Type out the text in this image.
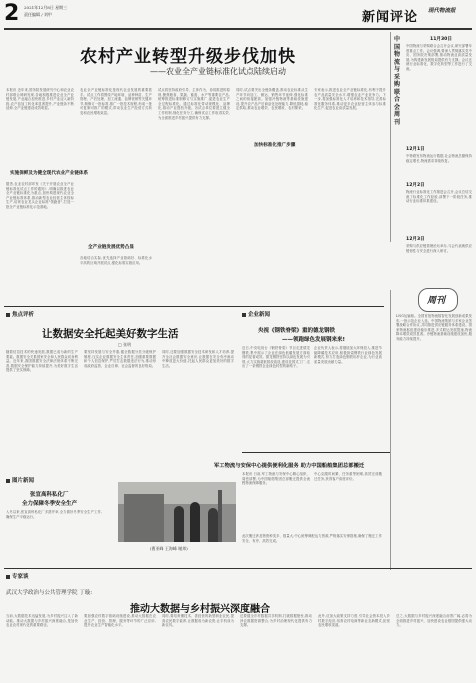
2 2021年12月8日 星期三
责任编辑 / 刘甲	新闻评论 现代物流报
农村产业转型升级步伐加快
——农业全产业链标准化试点陆续启动
本报讯 近年来,国务院发展研究中心和农业农村部联合调研发现,各地积极推进农业全产业链发展,产业融合加快推进,乡村产业迈入新阶段,农产品加工转化率显著提升,产业链条不断延伸,全产业链建设成效明显。
实施保鲜及为健全现代农业产业链体系
据悉,农业农村部印发《关于开展农业全产业链标准化试点工作的通知》,明确以推进农业全产业链标准化为重点,加快构建现代农业全产业链标准体系,推动新型农业经营主体按标生产,培育农业龙头企业标准"领跑者",打造一批全产业链标准化示范基地。
农业全产业链标准化是现代农业发展的重要抓手。试点工作将围绕产地环境、品种种苗、生产管理、产后处理、加工流通、品牌营销等关键环节,制修订一批标准,推广一批技术规程,形成一批可复制可推广的模式,带动农业生产经营方式转变和农民增收致富。
全产业链发展优势凸显
各地结合实际,优先选择产业基础好、标准化水平高的区域开展试点,强化标准实施应用。
试点将坚持政府引导、主体作为、协同推进的原则,聚焦粮食、果蔬、畜禽、水产等重要农产品,统筹推进标准制修订与实施推广,促进农业生产全过程标准化。通过标准化带动规模化、品牌化,推动产业提档升级。各试点单位要建立健全工作机制,细化任务分工,确保试点工作取得实效,为全面推进乡村振兴提供有力支撑。
加快标准化推广步骤
同时,试点要突出全链条覆盖,推动农业标准从生产环节向加工、储运、销售环节延伸,强化标准之间的衔接配套。加强冷链物流等基础设施建设,提升农产品产后商品化处理能力,降低损耗,稳定供给,推动农业增效、农民增收、农村繁荣。
专家表示,推进农业全产业链标准化,有利于提升农产品质量安全水平,增强农业产业竞争力。下一步,将加强标准化人才培养和技术指导,完善标准化服务体系,推动更多农业经营主体参与标准化生产,促进农业高质量发展。
中国物流与采购联合会周刊
11月30日
中国物流与采购联合会召开会议,研究部署年度重点工作。会议强调,要深入贯彻落实党中央、国务院决策部署,推动物流业高质量发展,为构建新发展格局提供有力支撑。会议还就行业标准化、数字化转型等工作进行了交流。
12月1日
中物联发布物流运行数据,社会物流总额保持稳定增长,物流需求持续恢复。
12月2日
物流行业标准化工作推进会召开,会议总结交流了标准化工作经验,部署下一阶段任务,推动行业标准体系建设。
12月3日
采购与供应链管理论坛举办,与会代表就供应链韧性与安全进行深入研讨。
焦点评析
让数据安全托起美好数字生活
□ 张明
随着信息技术的快速发展,数据已成为新的生产要素。数据安全关系国家安全和人民群众切身利益。近年来,我国数据安全法律法规体系不断完善,数据安全保护能力持续提升,为美好数字生活提供了坚实保障。
要坚持发展与安全并重,健全数据分类分级保护制度,压实企业数据安全主体责任,加强重要数据和个人信息保护,严厉打击数据违法行为,推动形成政府监管、企业自律、社会监督的良好格局。
同时,还要加强数据安全技术研发和人才培养,提升全社会数据安全意识,让数据在安全有序流动中释放更大价值,托起人民群众更加美好的数字生活。
企业新闻
央视《钢铁脊梁》重的德龙钢铁
——领跑绿色发展钢来来!
近日,中央电视台《钢铁脊梁》节目走进德龙钢铁,集中展示了企业在绿色低碳发展方面取得的显著成效。德龙钢铁坚持以绿色发展为引领,大力实施超低排放改造,建设花园式工厂,走出了一条钢铁企业绿色转型的新路子。
企业负责人表示,将继续加大环保投入,推进节能降碳技术应用,积极探索钢铁行业绿色发展新模式,努力打造绿色钢铁标杆企业,为行业高质量发展贡献力量。
周刊
LNG运输船。全国首批物流数智化发展创新成果发布,一批示范企业入选。中国物流集团与多家企业签署战略合作协议,共同推进供应链服务体系建设。国家物流枢纽建设稳步推进,多式联运发展提速,物流降本增效成效显著。冷链物流基础设施建设加快,服务能力持续提升。
军工物流与安保中心提供便利化服务 助力中国船舶集团总部搬迁
本报讯 日前,军工物流与安保中心精心组织、周密部署,为中国船舶集团总部搬迁提供全流程物流保障服务。
中心克服时间紧、任务重等困难,高效完成搬迁任务,获得客户高度评价。
图片新闻
张宣高科私化厂
全力保障冬季安全生产
入冬以来,张宣高科私化厂多措并举,全力做好冬季安全生产工作,确保生产平稳运行。
(曹亚峰 王海峰 谢邦)
此次搬迁涉及物资种类多、数量大,中心统筹调配运力资源,严格落实安保措施,确保了搬迁工作安全、有序、高效完成。
专家谈
武汉大学政治与公共管理学院 丁璇:
推动大数据与乡村振兴深度融合
当前,大数据技术迅猛发展,为乡村振兴注入了新动能。推动大数据与乡村振兴深度融合,是加快农业农村现代化的重要路径。
要加强农村数字基础设施建设,推动大数据在农业生产、经营、管理、服务等环节的广泛应用,提升农业生产智能化水平。
同时,要培育懂技术、善经营的新型职业农民,提高农民数字素养,让数据成为新农资,让手机成为新农具。
还要健全乡村数据共享机制,打破数据壁垒,推动涉农数据资源整合,为乡村治理现代化提供有力支撑。
此外,应加大政策支持力度,引导社会资本投入乡村数字经济,培育农村电商等新业态新模式,拓宽农民增收渠道。
总之,大数据与乡村振兴深度融合前景广阔,必将为全面推进乡村振兴、加快建设农业强国提供强大动力。
